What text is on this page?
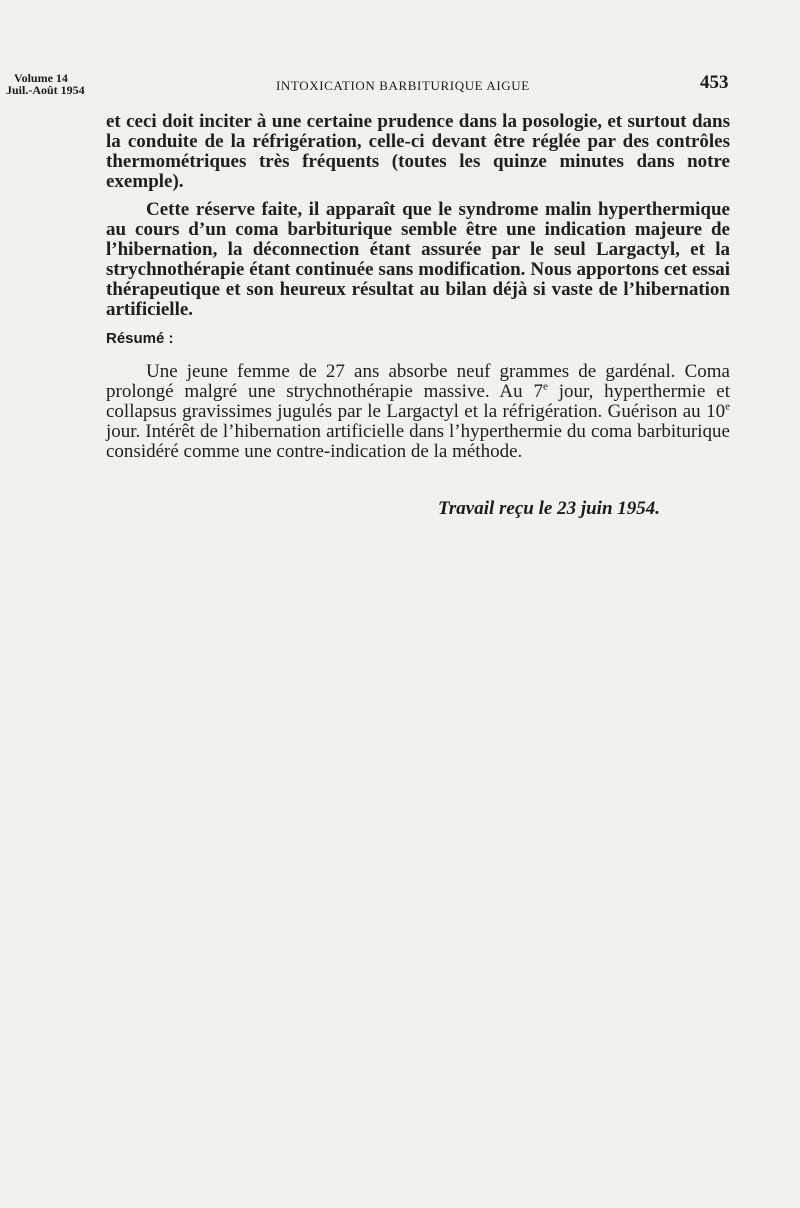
Volume 14
Juil.-Août 1954	INTOXICATION BARBITURIQUE AIGUE	453

et ceci doit inciter à une certaine prudence dans la posologie, et surtout dans la conduite de la réfrigération, celle-ci devant être réglée par des contrôles thermométriques très fréquents (toutes les quinze minutes dans notre exemple).

Cette réserve faite, il apparaît que le syndrome malin hyperthermique au cours d’un coma barbiturique semble être une indication majeure de l’hibernation, la déconnection étant assurée par le seul Largactyl, et la strychnothérapie étant continuée sans modification. Nous apportons cet essai thérapeutique et son heureux résultat au bilan déjà si vaste de l’hibernation artificielle.

Résumé :

Une jeune femme de 27 ans absorbe neuf grammes de gardénal. Coma prolongé malgré une strychnothérapie massive. Au 7e jour, hyperthermie et collapsus gravissimes jugulés par le Largactyl et la réfrigération. Guérison au 10e jour. Intérêt de l’hibernation artificielle dans l’hyperthermie du coma barbiturique considéré comme une contre-indication de la méthode.

Travail reçu le 23 juin 1954.
